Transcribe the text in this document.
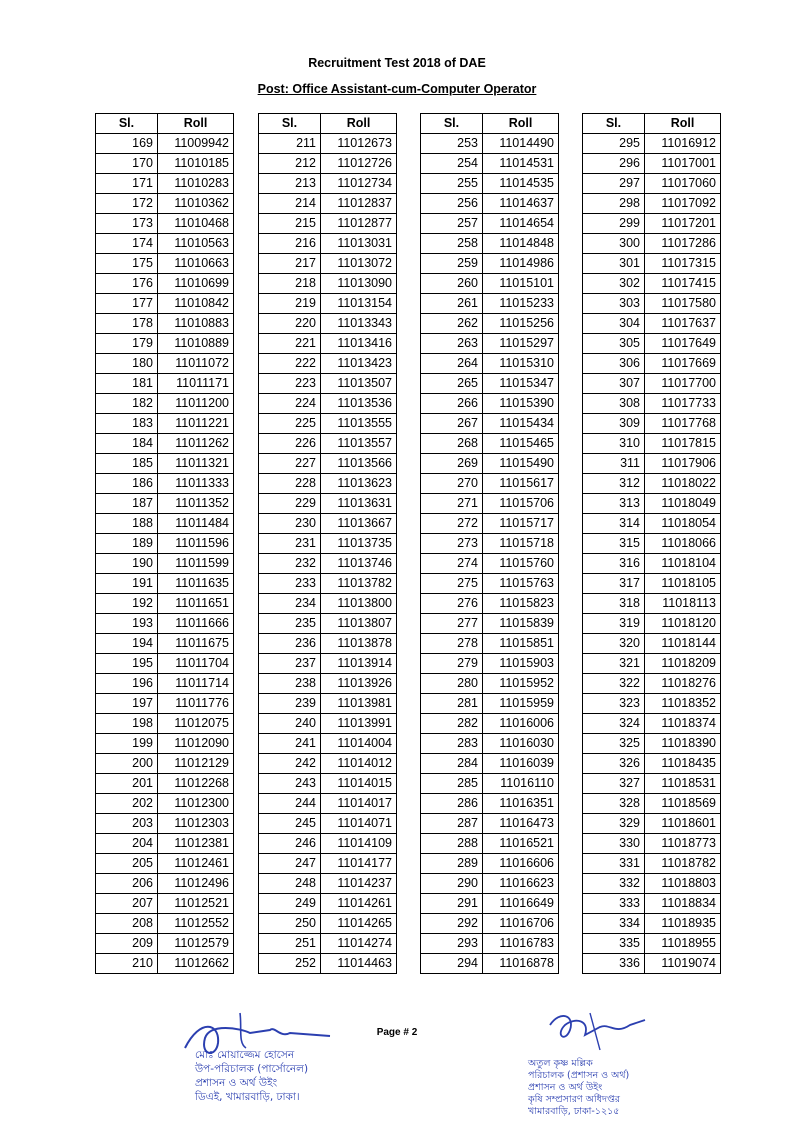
Recruitment Test 2018 of DAE
Post: Office Assistant-cum-Computer Operator
Sl.	Roll
169	11009942
170	11010185
171	11010283
172	11010362
173	11010468
174	11010563
175	11010663
176	11010699
177	11010842
178	11010883
179	11010889
180	11011072
181	11011171
182	11011200
183	11011221
184	11011262
185	11011321
186	11011333
187	11011352
188	11011484
189	11011596
190	11011599
191	11011635
192	11011651
193	11011666
194	11011675
195	11011704
196	11011714
197	11011776
198	11012075
199	11012090
200	11012129
201	11012268
202	11012300
203	11012303
204	11012381
205	11012461
206	11012496
207	11012521
208	11012552
209	11012579
210	11012662
Sl.	Roll
211	11012673
212	11012726
213	11012734
214	11012837
215	11012877
216	11013031
217	11013072
218	11013090
219	11013154
220	11013343
221	11013416
222	11013423
223	11013507
224	11013536
225	11013555
226	11013557
227	11013566
228	11013623
229	11013631
230	11013667
231	11013735
232	11013746
233	11013782
234	11013800
235	11013807
236	11013878
237	11013914
238	11013926
239	11013981
240	11013991
241	11014004
242	11014012
243	11014015
244	11014017
245	11014071
246	11014109
247	11014177
248	11014237
249	11014261
250	11014265
251	11014274
252	11014463
Sl.	Roll
253	11014490
254	11014531
255	11014535
256	11014637
257	11014654
258	11014848
259	11014986
260	11015101
261	11015233
262	11015256
263	11015297
264	11015310
265	11015347
266	11015390
267	11015434
268	11015465
269	11015490
270	11015617
271	11015706
272	11015717
273	11015718
274	11015760
275	11015763
276	11015823
277	11015839
278	11015851
279	11015903
280	11015952
281	11015959
282	11016006
283	11016030
284	11016039
285	11016110
286	11016351
287	11016473
288	11016521
289	11016606
290	11016623
291	11016649
292	11016706
293	11016783
294	11016878
Sl.	Roll
295	11016912
296	11017001
297	11017060
298	11017092
299	11017201
300	11017286
301	11017315
302	11017415
303	11017580
304	11017637
305	11017649
306	11017669
307	11017700
308	11017733
309	11017768
310	11017815
311	11017906
312	11018022
313	11018049
314	11018054
315	11018066
316	11018104
317	11018105
318	11018113
319	11018120
320	11018144
321	11018209
322	11018276
323	11018352
324	11018374
325	11018390
326	11018435
327	11018531
328	11018569
329	11018601
330	11018773
331	11018782
332	11018803
333	11018834
334	11018935
335	11018955
336	11019074
Page # 2
মোঃ মোয়াজ্জেম হোসেন
উপ-পরিচালক (পার্সোনেল)
প্রশাসন ও অর্থ উইং
ডিএই, খামারবাড়ি, ঢাকা।
অতুল কৃষ্ণ মল্লিক
পরিচালক (প্রশাসন ও অর্থ)
প্রশাসন ও অর্থ উইং
কৃষি সম্প্রসারণ অধিদপ্তর
খামারবাড়ি, ঢাকা-১২১৫
